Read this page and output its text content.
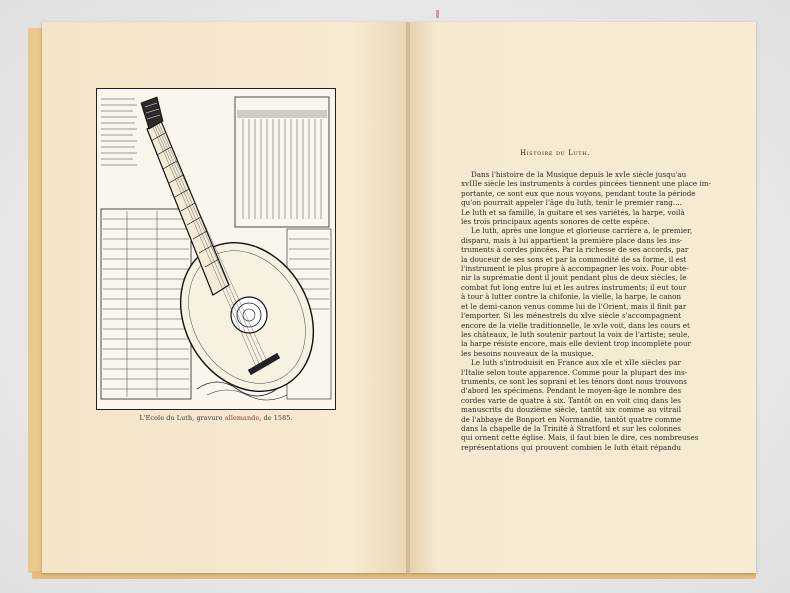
L'Ecole du Luth, gravure allemande, de 1585.
Histoire du Luth.
Dans l'histoire de la Musique depuis le xvIe siècle jusqu'au
xvIIIe siècle les instruments à cordes pincées tiennent une place im-
portante, ce sont eux que nous voyons, pendant toute la période
qu'on pourrait appeler l'âge du luth, tenir le premier rang....
Le luth et sa famille, la guitare et ses variétés, la harpe, voilà
les trois principaux agents sonores de cette espèce.
Le luth, après une longue et glorieuse carrière a, le premier,
disparu, mais à lui appartient la première place dans les ins-
truments à cordes pincées. Par la richesse de ses accords, par
la douceur de ses sons et par la commodité de sa forme, il est
l'instrument le plus propre à accompagner les voix. Pour obte-
nir la suprématie dont il jouit pendant plus de deux siècles, le
combat fut long entre lui et les autres instruments; il eut tour
à tour à lutter contre la chifonie, la vielle, la harpe, le canon
et le demi-canon venus comme lui de l'Orient, mais il finit par
l'emporter. Si les ménestrels du xIve siècle s'accompagnent
encore de la vielle traditionnelle, le xvIe voit, dans les cours et
les châteaux, le luth soutenir partout la voix de l'artiste; seule,
la harpe résiste encore, mais elle devient trop incomplète pour
les besoins nouveaux de la musique.
Le luth s'introduisit en France aux xIe et xIIe siècles par
l'Italie selon toute apparence. Comme pour la plupart des ins-
truments, ce sont les soprani et les ténors dont nous trouvons
d'abord les spécimens. Pendant le moyen-âge le nombre des
cordes varie de quatre à six. Tantôt on en voit cinq dans les
manuscrits du douzième siècle, tantôt six comme au vitrail
de l'abbaye de Bonport en Normandie, tantôt quatre comme
dans la chapelle de la Trinité à Stratford et sur les colonnes
qui ornent cette église. Mais, il faut bien le dire, ces nombreuses
représentations qui prouvent combien le luth était répandu
